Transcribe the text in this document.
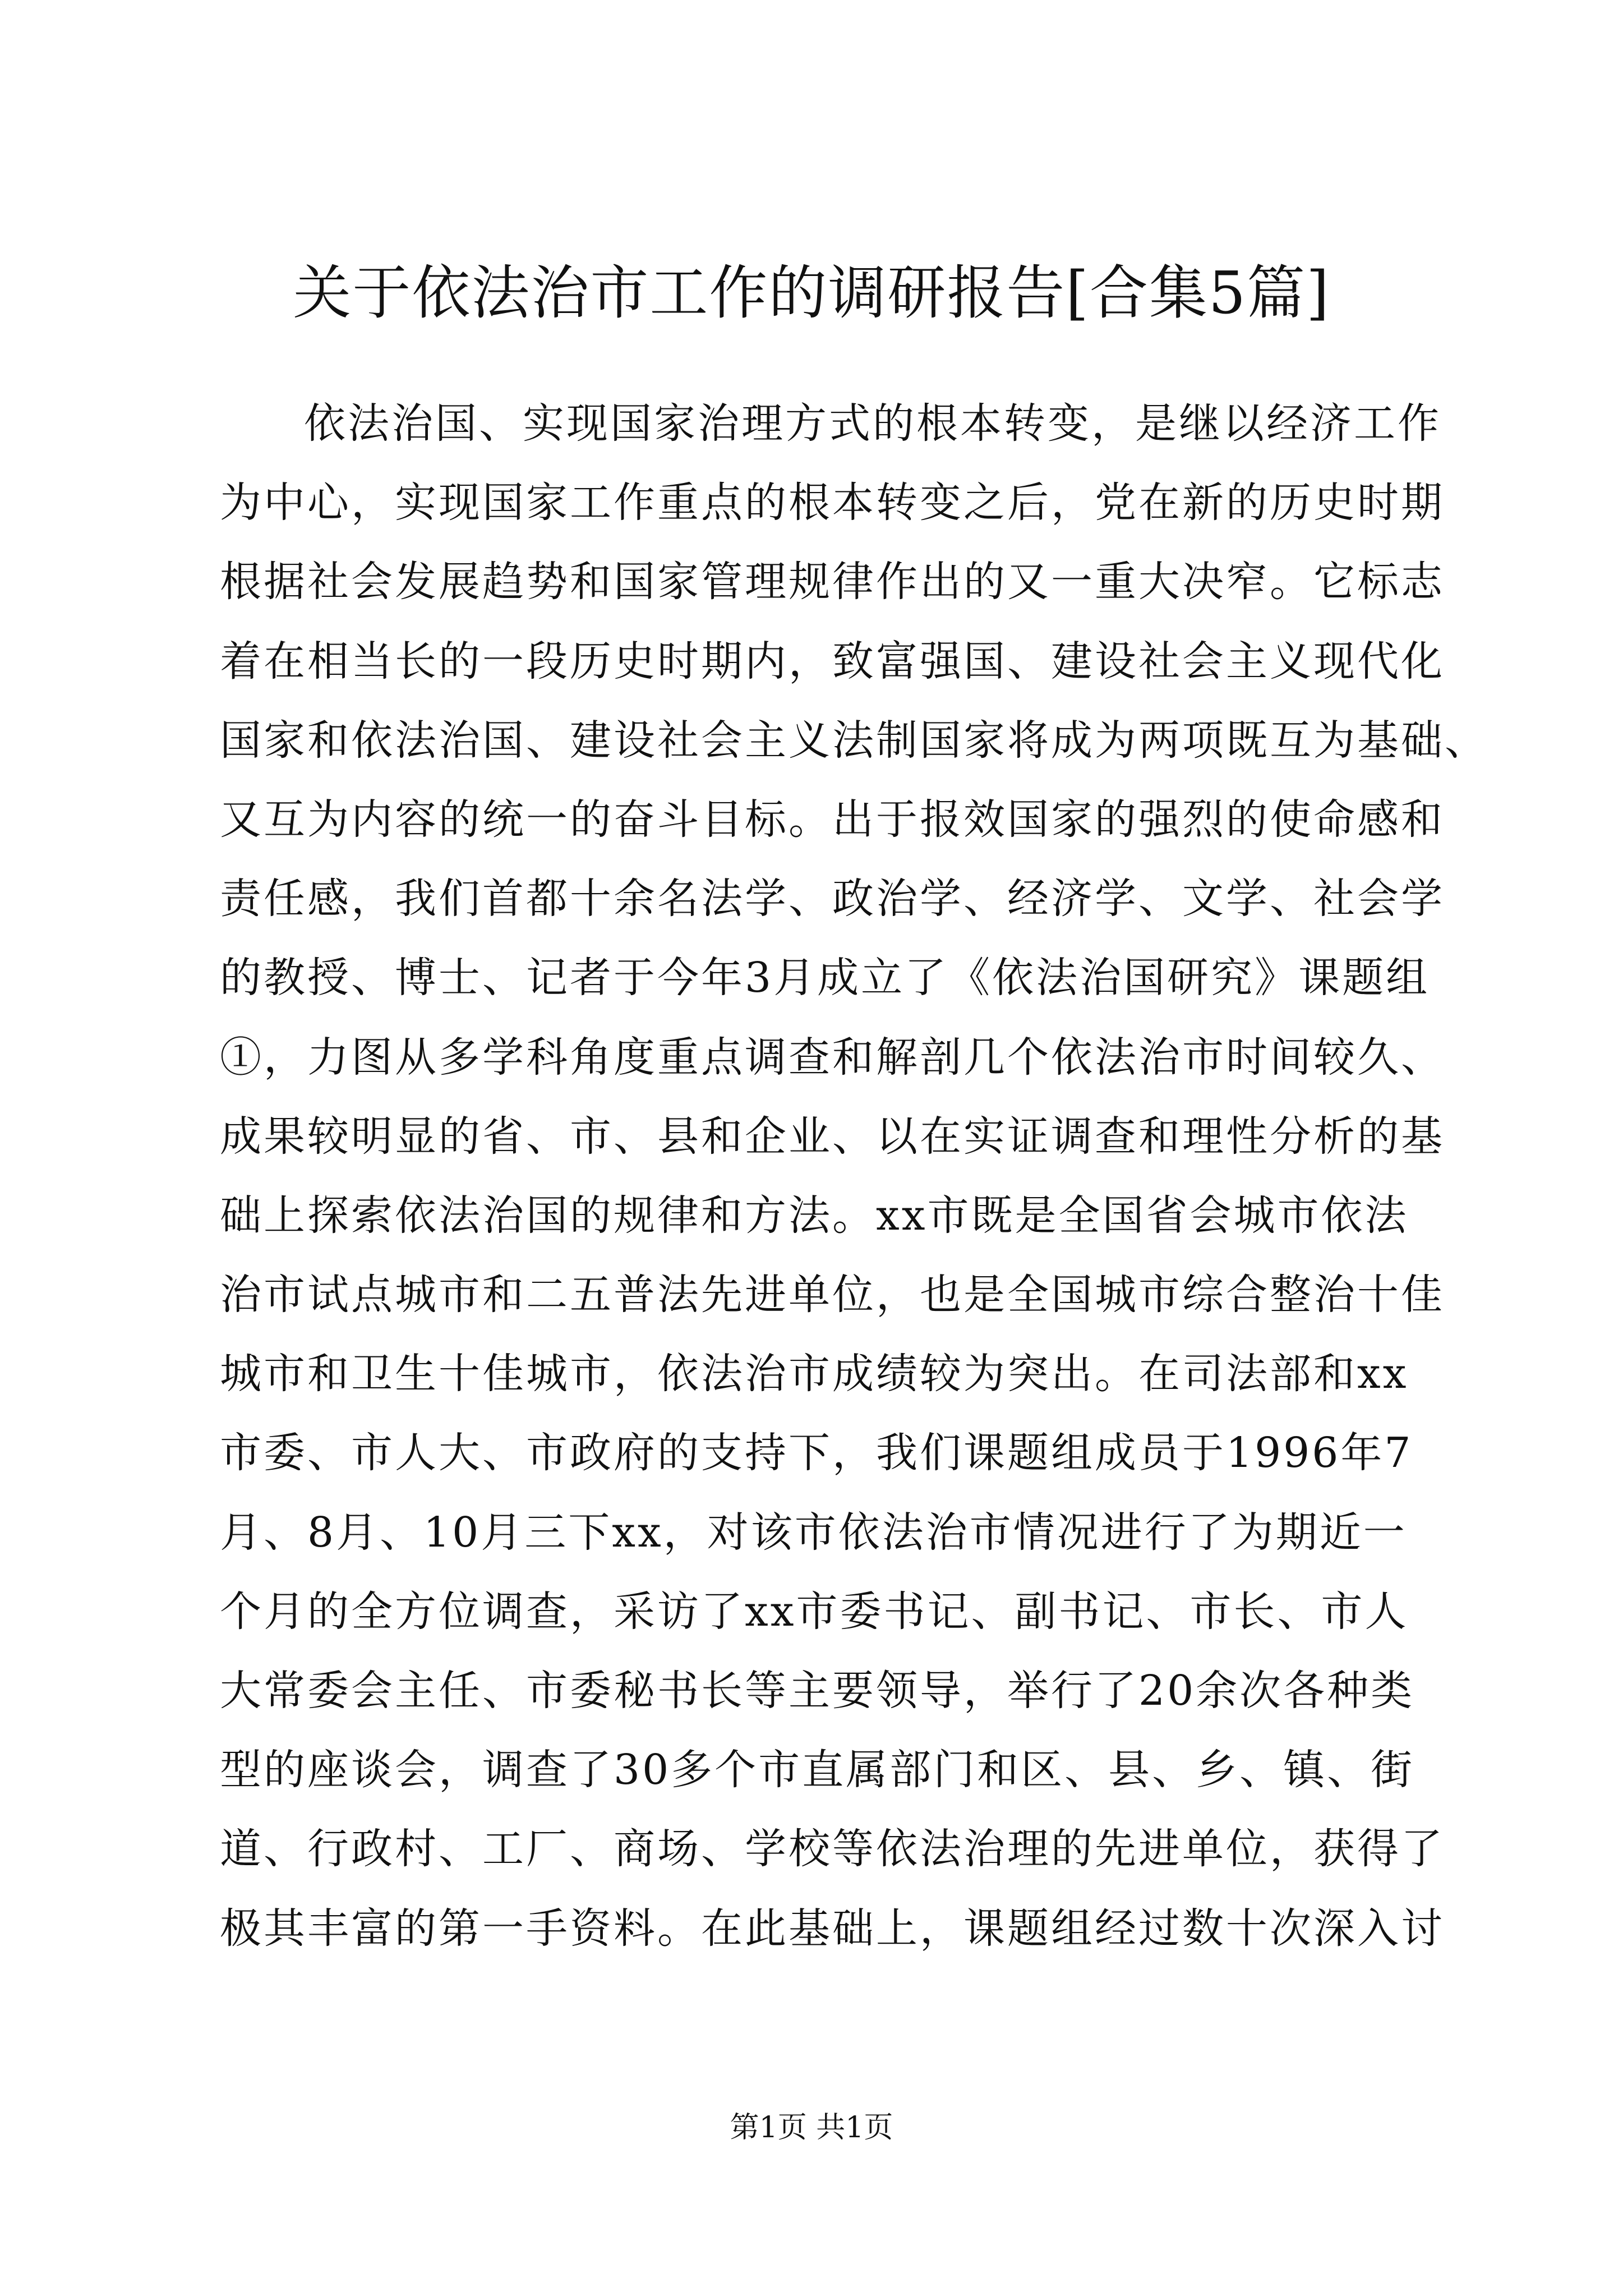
关于依法治市工作的调研报告[合集5篇]
依法治国、实现国家治理方式的根本转变，是继以经济工作
为中心，实现国家工作重点的根本转变之后，党在新的历史时期
根据社会发展趋势和国家管理规律作出的又一重大决窄。它标志
着在相当长的一段历史时期内，致富强国、建设社会主义现代化
国家和依法治国、建设社会主义法制国家将成为两项既互为基础、
又互为内容的统一的奋斗目标。出于报效国家的强烈的使命感和
责任感，我们首都十余名法学、政治学、经济学、文学、社会学
的教授、博士、记者于今年3月成立了《依法治国研究》课题组
①，力图从多学科角度重点调查和解剖几个依法治市时间较久、
成果较明显的省、市、县和企业、以在实证调查和理性分析的基
础上探索依法治国的规律和方法。xx市既是全国省会城市依法
治市试点城市和二五普法先进单位，也是全国城市综合整治十佳
城市和卫生十佳城市，依法治市成绩较为突出。在司法部和xx
市委、市人大、市政府的支持下，我们课题组成员于1996年7
月、8月、10月三下xx，对该市依法治市情况进行了为期近一
个月的全方位调查，采访了xx市委书记、副书记、市长、市人
大常委会主任、市委秘书长等主要领导，举行了20余次各种类
型的座谈会，调查了30多个市直属部门和区、县、乡、镇、街
道、行政村、工厂、商场、学校等依法治理的先进单位，获得了
极其丰富的第一手资料。在此基础上，课题组经过数十次深入讨
第1页 共1页
